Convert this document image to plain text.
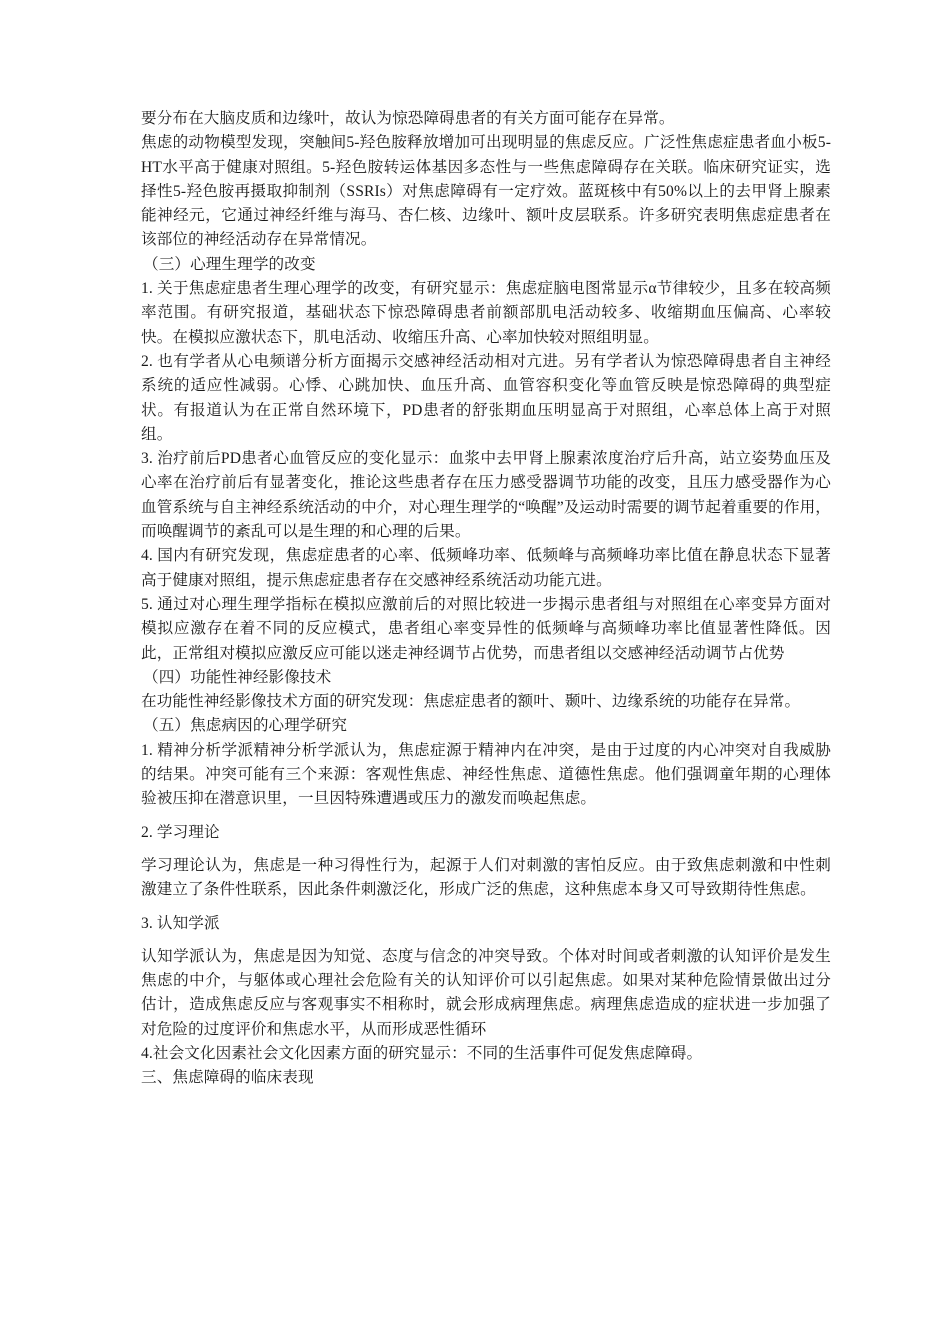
要分布在大脑皮质和边缘叶，故认为惊恐障碍患者的有关方面可能存在异常。

焦虑的动物模型发现，突触间5-羟色胺释放增加可出现明显的焦虑反应。广泛性焦虑症患者血小板5-HT水平高于健康对照组。5-羟色胺转运体基因多态性与一些焦虑障碍存在关联。临床研究证实，选择性5-羟色胺再摄取抑制剂（SSRIs）对焦虑障碍有一定疗效。蓝斑核中有50%以上的去甲肾上腺素能神经元，它通过神经纤维与海马、杏仁核、边缘叶、额叶皮层联系。许多研究表明焦虑症患者在该部位的神经活动存在异常情况。

（三）心理生理学的改变

1. 关于焦虑症患者生理心理学的改变，有研究显示：焦虑症脑电图常显示α节律较少，且多在较高频率范围。有研究报道，基础状态下惊恐障碍患者前额部肌电活动较多、收缩期血压偏高、心率较快。在模拟应激状态下，肌电活动、收缩压升高、心率加快较对照组明显。

2. 也有学者从心电频谱分析方面揭示交感神经活动相对亢进。另有学者认为惊恐障碍患者自主神经系统的适应性减弱。心悸、心跳加快、血压升高、血管容积变化等血管反映是惊恐障碍的典型症状。有报道认为在正常自然环境下，PD患者的舒张期血压明显高于对照组，心率总体上高于对照组。

3. 治疗前后PD患者心血管反应的变化显示：血浆中去甲肾上腺素浓度治疗后升高，站立姿势血压及心率在治疗前后有显著变化，推论这些患者存在压力感受器调节功能的改变，且压力感受器作为心血管系统与自主神经系统活动的中介，对心理生理学的“唤醒”及运动时需要的调节起着重要的作用，而唤醒调节的紊乱可以是生理的和心理的后果。

4. 国内有研究发现，焦虑症患者的心率、低频峰功率、低频峰与高频峰功率比值在静息状态下显著高于健康对照组，提示焦虑症患者存在交感神经系统活动功能亢进。

5. 通过对心理生理学指标在模拟应激前后的对照比较进一步揭示患者组与对照组在心率变异方面对模拟应激存在着不同的反应模式，患者组心率变异性的低频峰与高频峰功率比值显著性降低。因此，正常组对模拟应激反应可能以迷走神经调节占优势，而患者组以交感神经活动调节占优势

（四）功能性神经影像技术

在功能性神经影像技术方面的研究发现：焦虑症患者的额叶、颞叶、边缘系统的功能存在异常。

（五）焦虑病因的心理学研究

1. 精神分析学派精神分析学派认为，焦虑症源于精神内在冲突，是由于过度的内心冲突对自我威胁的结果。冲突可能有三个来源：客观性焦虑、神经性焦虑、道德性焦虑。他们强调童年期的心理体验被压抑在潜意识里，一旦因特殊遭遇或压力的激发而唤起焦虑。

2. 学习理论

学习理论认为，焦虑是一种习得性行为，起源于人们对刺激的害怕反应。由于致焦虑刺激和中性刺激建立了条件性联系，因此条件刺激泛化，形成广泛的焦虑，这种焦虑本身又可导致期待性焦虑。

3. 认知学派

认知学派认为，焦虑是因为知觉、态度与信念的冲突导致。个体对时间或者刺激的认知评价是发生焦虑的中介，与躯体或心理社会危险有关的认知评价可以引起焦虑。如果对某种危险情景做出过分估计，造成焦虑反应与客观事实不相称时，就会形成病理焦虑。病理焦虑造成的症状进一步加强了对危险的过度评价和焦虑水平，从而形成恶性循环

4.社会文化因素社会文化因素方面的研究显示：不同的生活事件可促发焦虑障碍。

三、焦虑障碍的临床表现
